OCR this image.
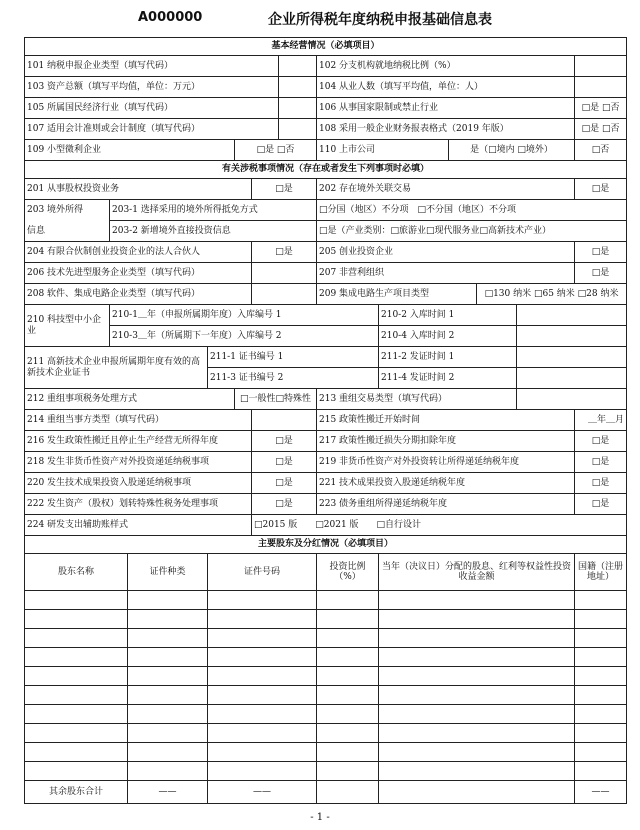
A000000	企业所得税年度纳税申报基础信息表
基本经营情况（必填项目）												
101 纳税申报企业类型（填写代码）							102 分支机构就地纳税比例（%）					
103 资产总额（填写平均值，单位：万元）							104 从业人数（填写平均值，单位：人）					
105 所属国民经济行业（填写代码）							106 从事国家限制或禁止行业					□是 □否
107 适用会计准则或会计制度（填写代码）							108 采用一般企业财务报表格式（2019 年版）					□是 □否
109 小型微利企业				□是 □否			110 上市公司		是（□境内 □境外）			□否
有关涉税事项情况（存在或者发生下列事项时必填）												
201 从事股权投资业务					□是		202 存在境外关联交易					□是
203 境外所得	203-1 选择采用的境外所得抵免方式						□分国（地区）不分项　□不分国（地区）不分项					
信息	203-2 新增境外直接投资信息						□是（产业类别：□旅游业□现代服务业□高新技术产业）					
204 有限合伙制创业投资企业的法人合伙人					□是		205 创业投资企业					□是
206 技术先进型服务企业类型（填写代码）							207 非营利组织					□是
208 软件、集成电路企业类型（填写代码）							209 集成电路生产项目类型			□130 纳米 □65 纳米 □28 纳米		
210 科技型中小企业	210-1＿年（申报所属期年度）入库编号 1							210-2 入库时间 1				
	210-3＿年（所属期下一年度）入库编号 2							210-4 入库时间 2				
211 高新技术企业申报所属期年度有效的高新技术企业证书			211-1 证书编号 1					211-2 发证时间 1				
			211-3 证书编号 2					211-4 发证时间 2				
212 重组事项税务处理方式				□一般性□特殊性			213 重组交易类型（填写代码）					
214 重组当事方类型（填写代码）							215 政策性搬迁开始时间					＿年＿月
216 发生政策性搬迁且停止生产经营无所得年度					□是		217 政策性搬迁损失分期扣除年度					□是
218 发生非货币性资产对外投资递延纳税事项					□是		219 非货币性资产对外投资转让所得递延纳税年度					□是
220 发生技术成果投资入股递延纳税事项					□是		221 技术成果投资入股递延纳税年度					□是
222 发生资产（股权）划转特殊性税务处理事项					□是		223 债务重组所得递延纳税年度					□是
224 研发支出辅助账样式					□2015 版　　□2021 版　　□自行设计							
主要股东及分红情况（必填项目）												
股东名称		证件种类	证件号码				投资比例（%）	当年（决议日）分配的股息、红利等权益性投资收益金额				国籍（注册地址）

其余股东合计		——	——									——
- 1 -
